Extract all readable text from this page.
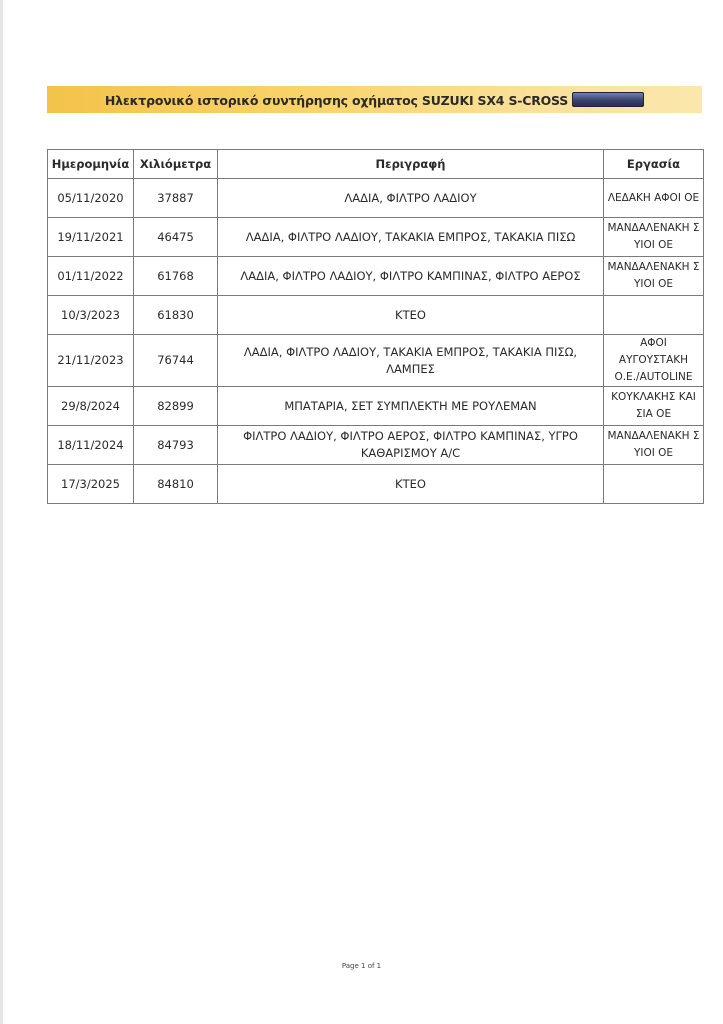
Ηλεκτρονικό ιστορικό συντήρησης οχήματος SUZUKI SX4 S-CROSS
Ημερομηνία	Χιλιόμετρα	Περιγραφή	Εργασία
05/11/2020	37887	ΛΑΔΙΑ, ΦΙΛΤΡΟ ΛΑΔΙΟΥ	ΛΕΔΑΚΗ ΑΦΟΙ ΟΕ
19/11/2021	46475	ΛΑΔΙΑ, ΦΙΛΤΡΟ ΛΑΔΙΟΥ, ΤΑΚΑΚΙΑ ΕΜΠΡΟΣ, ΤΑΚΑΚΙΑ ΠΙΣΩ	ΜΑΝΔΑΛΕΝΑΚΗ Σ ΥΙΟΙ ΟΕ
01/11/2022	61768	ΛΑΔΙΑ, ΦΙΛΤΡΟ ΛΑΔΙΟΥ, ΦΙΛΤΡΟ ΚΑΜΠΙΝΑΣ, ΦΙΛΤΡΟ ΑΕΡΟΣ	ΜΑΝΔΑΛΕΝΑΚΗ Σ ΥΙΟΙ ΟΕ
10/3/2023	61830	ΚΤΕΟ	
21/11/2023	76744	ΛΑΔΙΑ, ΦΙΛΤΡΟ ΛΑΔΙΟΥ, ΤΑΚΑΚΙΑ ΕΜΠΡΟΣ, ΤΑΚΑΚΙΑ ΠΙΣΩ, ΛΑΜΠΕΣ	ΑΦΟΙ ΑΥΓΟΥΣΤΑΚΗ Ο.Ε./AUTOLINE
29/8/2024	82899	ΜΠΑΤΑΡΙΑ, ΣΕΤ ΣΥΜΠΛΕΚΤΗ ΜΕ ΡΟΥΛΕΜΑΝ	ΚΟΥΚΛΑΚΗΣ ΚΑΙ ΣΙΑ ΟΕ
18/11/2024	84793	ΦΙΛΤΡΟ ΛΑΔΙΟΥ, ΦΙΛΤΡΟ ΑΕΡΟΣ, ΦΙΛΤΡΟ ΚΑΜΠΙΝΑΣ, ΥΓΡΟ ΚΑΘΑΡΙΣΜΟΥ Α/C	ΜΑΝΔΑΛΕΝΑΚΗ Σ ΥΙΟΙ ΟΕ
17/3/2025	84810	ΚΤΕΟ	
Page 1 of 1
